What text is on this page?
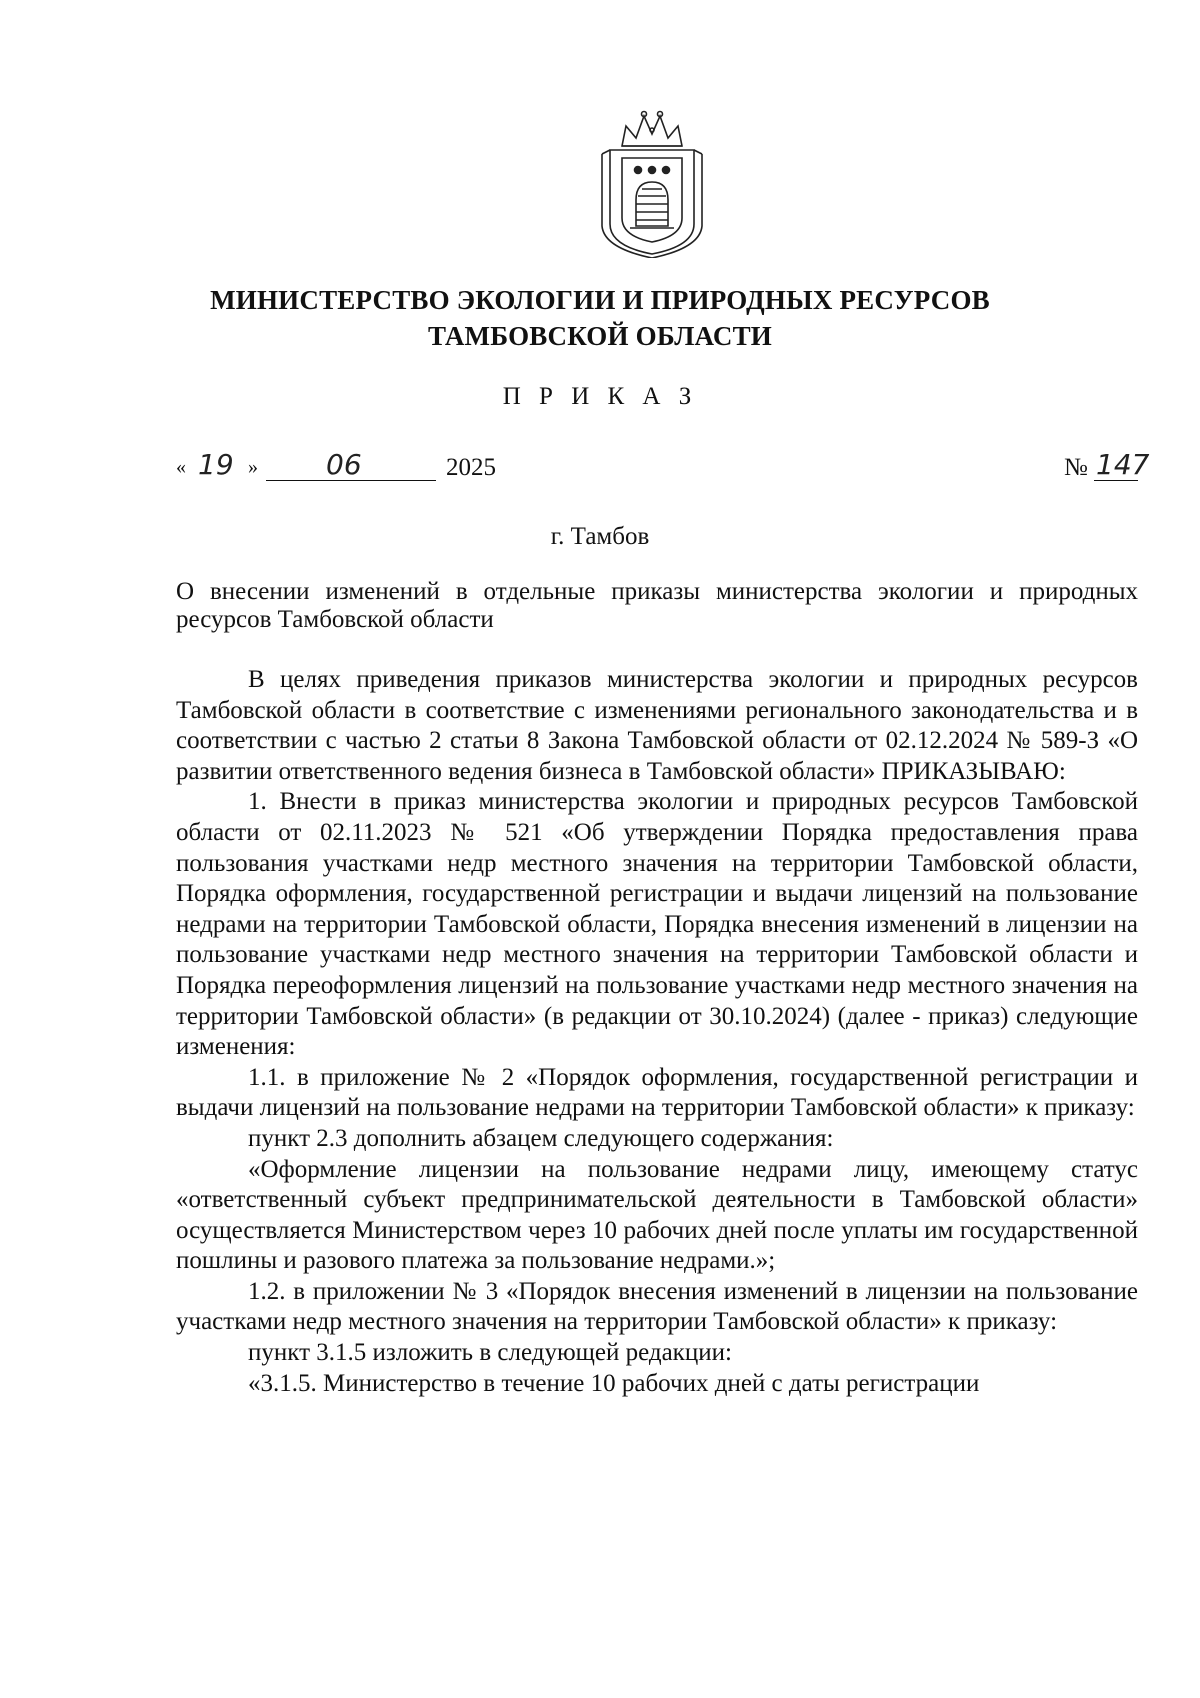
МИНИСТЕРСТВО ЭКОЛОГИИ И ПРИРОДНЫХ РЕСУРСОВ
ТАМБОВСКОЙ ОБЛАСТИ
П Р И К А З
« 19 » 06	2025	№ 147
г. Тамбов
О внесении изменений в отдельные приказы министерства экологии и природных ресурсов Тамбовской области

В целях приведения приказов министерства экологии и природных ресурсов Тамбовской области в соответствие с изменениями регионального законодательства и в соответствии с частью 2 статьи 8 Закона Тамбовской области от 02.12.2024 № 589-З «О развитии ответственного ведения бизнеса в Тамбовской области» ПРИКАЗЫВАЮ:

1. Внести в приказ министерства экологии и природных ресурсов Тамбовской области от 02.11.2023 № 521 «Об утверждении Порядка предоставления права пользования участками недр местного значения на территории Тамбовской области, Порядка оформления, государственной регистрации и выдачи лицензий на пользование недрами на территории Тамбовской области, Порядка внесения изменений в лицензии на пользование участками недр местного значения на территории Тамбовской области и Порядка переоформления лицензий на пользование участками недр местного значения на территории Тамбовской области» (в редакции от 30.10.2024) (далее - приказ) следующие изменения:

1.1. в приложение № 2 «Порядок оформления, государственной регистрации и выдачи лицензий на пользование недрами на территории Тамбовской области» к приказу:

пункт 2.3 дополнить абзацем следующего содержания:

«Оформление лицензии на пользование недрами лицу, имеющему статус «ответственный субъект предпринимательской деятельности в Тамбовской области» осуществляется Министерством через 10 рабочих дней после уплаты им государственной пошлины и разового платежа за пользование недрами.»;

1.2. в приложении № 3 «Порядок внесения изменений в лицензии на пользование участками недр местного значения на территории Тамбовской области» к приказу:

пункт 3.1.5 изложить в следующей редакции:

«3.1.5. Министерство в течение 10 рабочих дней с даты регистрации
